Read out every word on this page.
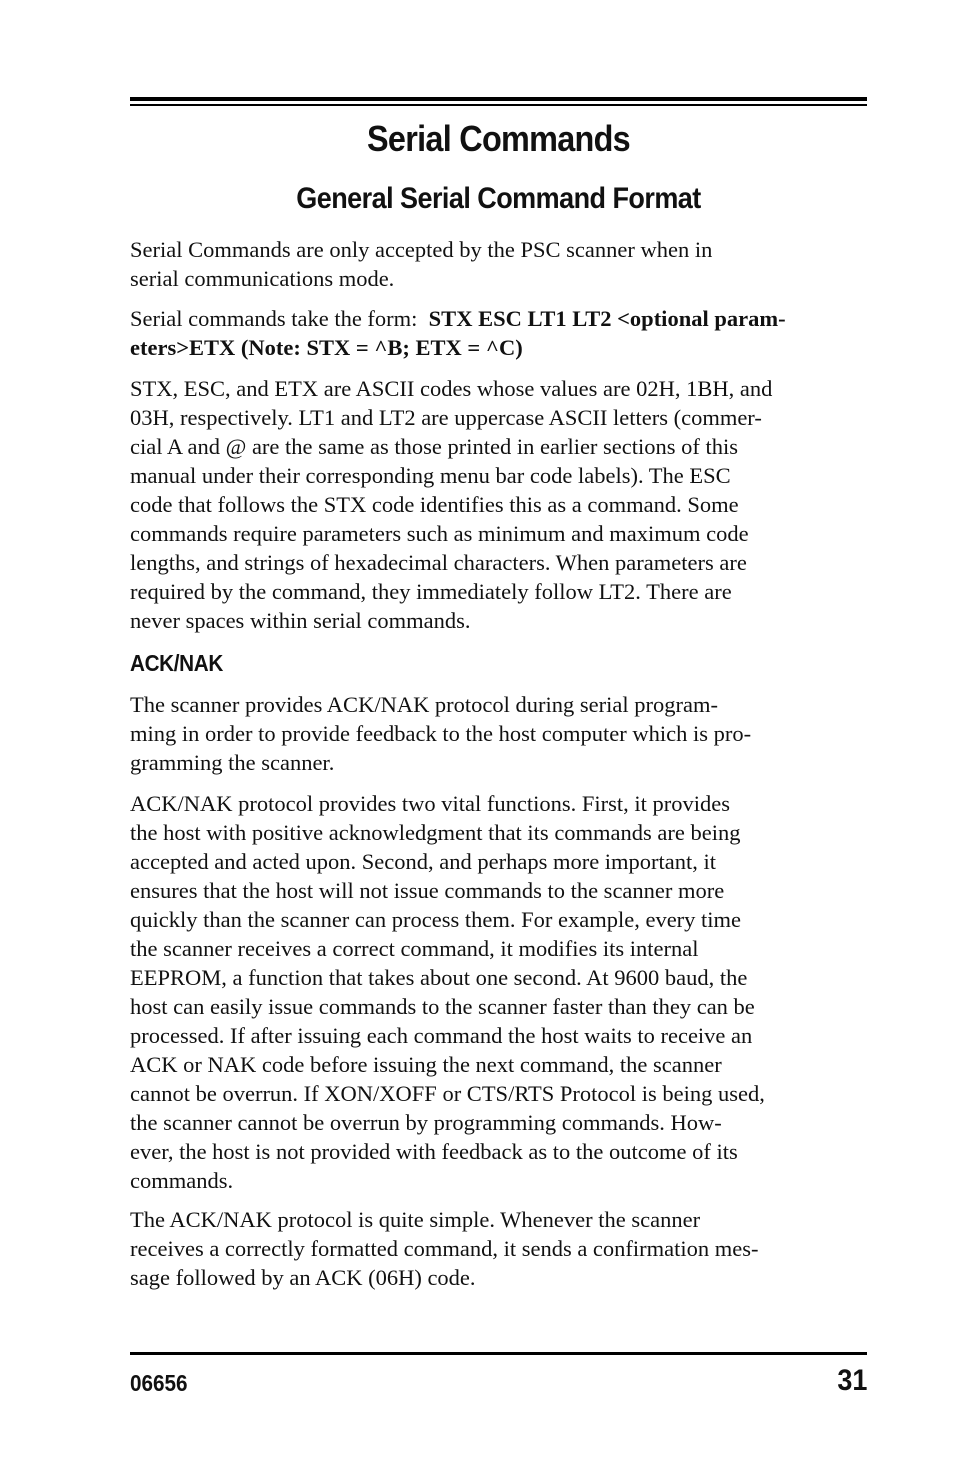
Serial Commands
General Serial Command Format

Serial Commands are only accepted by the PSC scanner when in
serial communications mode.

Serial commands take the form: STX ESC LT1 LT2 <optional param-
eters>ETX (Note: STX = ^B; ETX = ^C)

STX, ESC, and ETX are ASCII codes whose values are 02H, 1BH, and
03H, respectively. LT1 and LT2 are uppercase ASCII letters (commer-
cial A and @ are the same as those printed in earlier sections of this
manual under their corresponding menu bar code labels). The ESC
code that follows the STX code identifies this as a command. Some
commands require parameters such as minimum and maximum code
lengths, and strings of hexadecimal characters. When parameters are
required by the command, they immediately follow LT2. There are
never spaces within serial commands.

ACK/NAK

The scanner provides ACK/NAK protocol during serial program-
ming in order to provide feedback to the host computer which is pro-
gramming the scanner.

ACK/NAK protocol provides two vital functions. First, it provides
the host with positive acknowledgment that its commands are being
accepted and acted upon. Second, and perhaps more important, it
ensures that the host will not issue commands to the scanner more
quickly than the scanner can process them. For example, every time
the scanner receives a correct command, it modifies its internal
EEPROM, a function that takes about one second. At 9600 baud, the
host can easily issue commands to the scanner faster than they can be
processed. If after issuing each command the host waits to receive an
ACK or NAK code before issuing the next command, the scanner
cannot be overrun. If XON/XOFF or CTS/RTS Protocol is being used,
the scanner cannot be overrun by programming commands. How-
ever, the host is not provided with feedback as to the outcome of its
commands.

The ACK/NAK protocol is quite simple. Whenever the scanner
receives a correctly formatted command, it sends a confirmation mes-
sage followed by an ACK (06H) code.

06656	31
